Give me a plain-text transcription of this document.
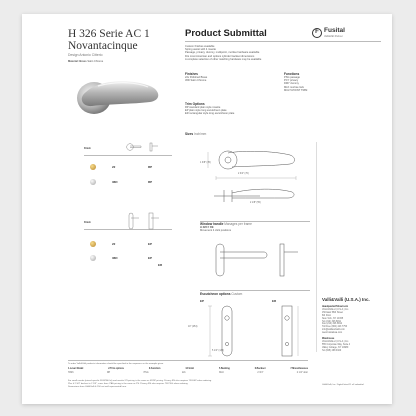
H 326 Serie AC 1
Novantacinque
Design Antonio Citterio
Material: Brass Satin Chrome
Product Submittal	F Fusital
Valli&Valli Partner
Custom finishes available
Spring assist with 4 rosette
Passage, privacy, dummy, multipoint, mortise hardware available
Fits most American and options cylinder backset dimensions
A complete selection of other matching hardware may be available
Finishes
22v Polished Brass
36D Satin Chrome
Functions
PSG passage
PCY privacy
DMY dummy
MLK mortise lock
MULTI-POINT TRIM
Trim Options
RP standard plain style rosette
EP plain style long escutcheon plate
ER rectangular style long escutcheon plate
Sizes Inch/mm
Finish
22	RP
36D	RP
Finish
22	EP
36D	EP
ER
2 3/4" (70)
1 3/8" (35)
2 1/8" (55)
Window handle Manages per frame
H 326 F RE
Movement 4 click positions
Escutcheon options Custom
EP	ER
10" (254)
5 1/4" (133)
Valli&Valli (U.S.A.) Inc.
Headquarter/Showroom
VALLI&VALLI (U.S.A.) Inc.
150 East 58th Street
8th Floor
New York, NY 10155
Tel (212) 326 8811
Fax (212) 326 8812
Toll Free (800) 423 7753
info@valliandvalli.com
www.fusitalusa.com
Warehouse
VALLI&VALLI (U.S.A.) Inc.
555 Corporate Way, Suite 4
Valley Cottage, NY 10989
Tel (845) 268 9100
To order Valli&Valli products information should be specified in the sequence as the example given.
1.Lever Model	2.Trim options	3.Function	4.Finish	5.Backing	6.Backset	7.Miscellaneous
H326	RP	PSG	22v	MLK	2 3/4"	2 1/4" door
For small rosette (raised specific FUSITAL kit) and rosette 2/3 pricing is the same as 4P/6P pricing. Privacy RS also requires 7/8 ESP when ordering.
Plus if 2 3/4" backset is 2 1/8", cross lines. PAS pricing is the same as PS. Privacy RS also requires 7/8 PSG when ordering.
Dimensions from Valli&Valli & 150 not well represented here.
Valli&Valli, Inc. Digital listed 11 all submittal.
